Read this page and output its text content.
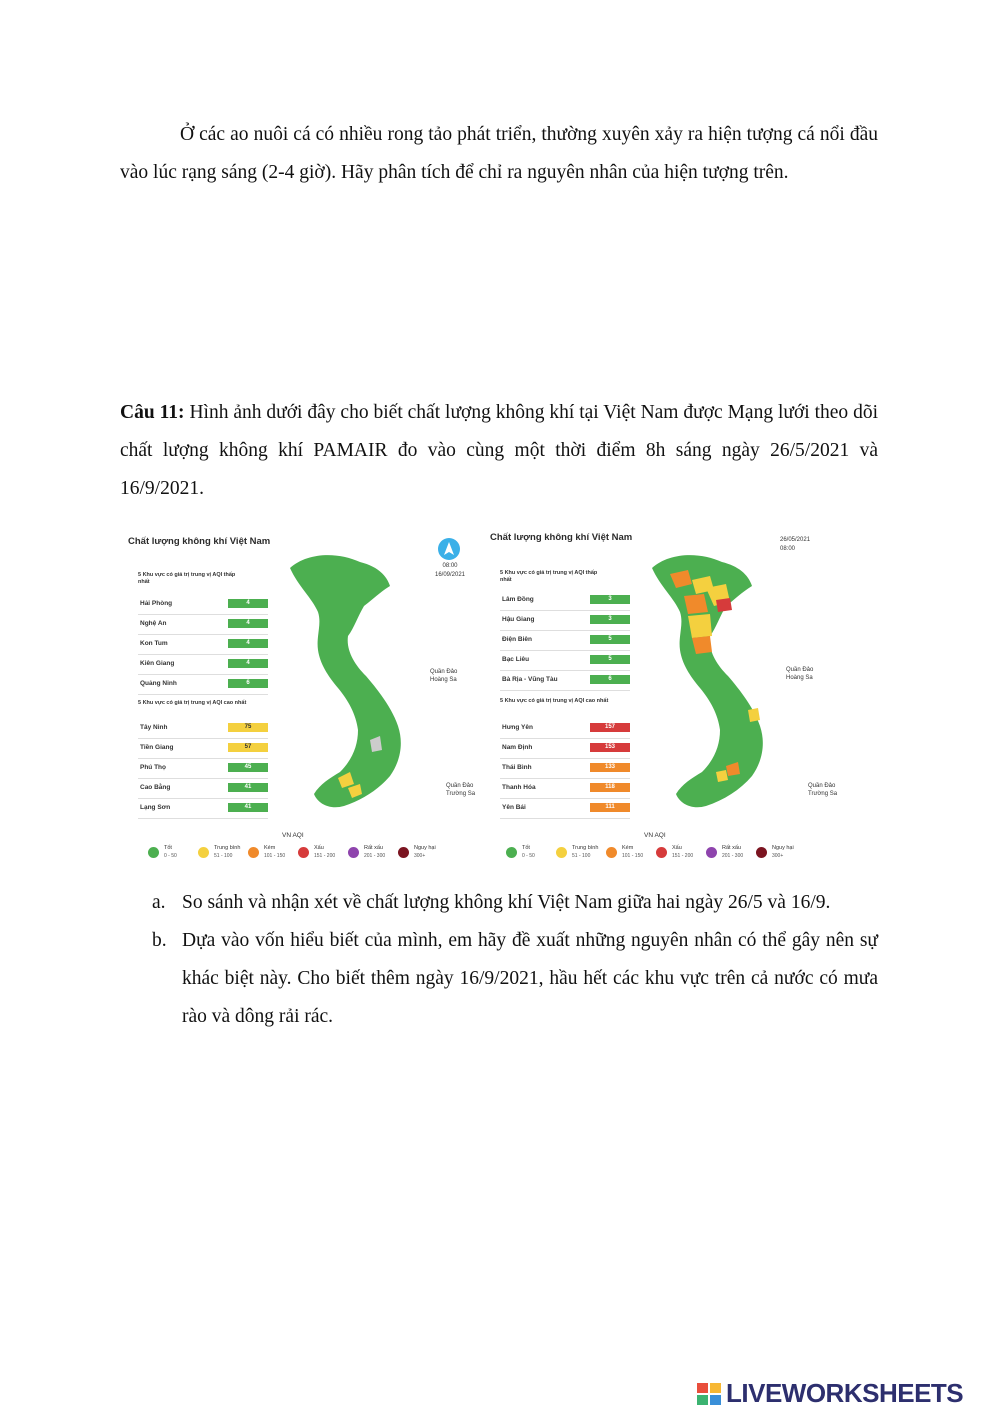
Ở các ao nuôi cá có nhiều rong tảo phát triển, thường xuyên xảy ra hiện tượng cá nổi đầu vào lúc rạng sáng (2-4 giờ). Hãy phân tích để chỉ ra nguyên nhân của hiện tượng trên.
Câu 11: Hình ảnh dưới đây cho biết chất lượng không khí tại Việt Nam được Mạng lưới theo dõi chất lượng không khí PAMAIR đo vào cùng một thời điểm 8h sáng ngày 26/5/2021 và 16/9/2021.
Chất lượng không khí Việt Nam
08:00
16/09/2021
5 Khu vực có giá trị trung vị AQI thấp nhất
Hải Phòng	4
Nghệ An	4
Kon Tum	4
Kiên Giang	4
Quảng Ninh	6
5 Khu vực có giá trị trung vị AQI cao nhất
Tây Ninh	75
Tiền Giang	57
Phú Thọ	45
Cao Bằng	41
Lạng Sơn	41
Quần Đảo
Hoàng Sa
Quần Đảo
Trường Sa
VN AQI
Tốt
0 - 50
Trung bình
51 - 100
Kém
101 - 150
Xấu
151 - 200
Rất xấu
201 - 300
Nguy hại
300+
Chất lượng không khí Việt Nam	26/05/2021
08:00
5 Khu vực có giá trị trung vị AQI thấp nhất
Lâm Đồng	3
Hậu Giang	3
Điện Biên	5
Bạc Liêu	5
Bà Rịa - Vũng Tàu	6
5 Khu vực có giá trị trung vị AQI cao nhất
Hưng Yên	157
Nam Định	153
Thái Bình	133
Thanh Hóa	118
Yên Bái	111
Quần Đảo
Hoàng Sa
Quần Đảo
Trường Sa
VN AQI
Tốt
0 - 50
Trung bình
51 - 100
Kém
101 - 150
Xấu
151 - 200
Rất xấu
201 - 300
Nguy hại
300+
a. So sánh và nhận xét về chất lượng không khí Việt Nam giữa hai ngày 26/5 và 16/9.
b. Dựa vào vốn hiểu biết của mình, em hãy đề xuất những nguyên nhân có thể gây nên sự khác biệt này. Cho biết thêm ngày 16/9/2021, hầu hết các khu vực trên cả nước có mưa rào và dông rải rác.
LIVEWORKSHEETS
